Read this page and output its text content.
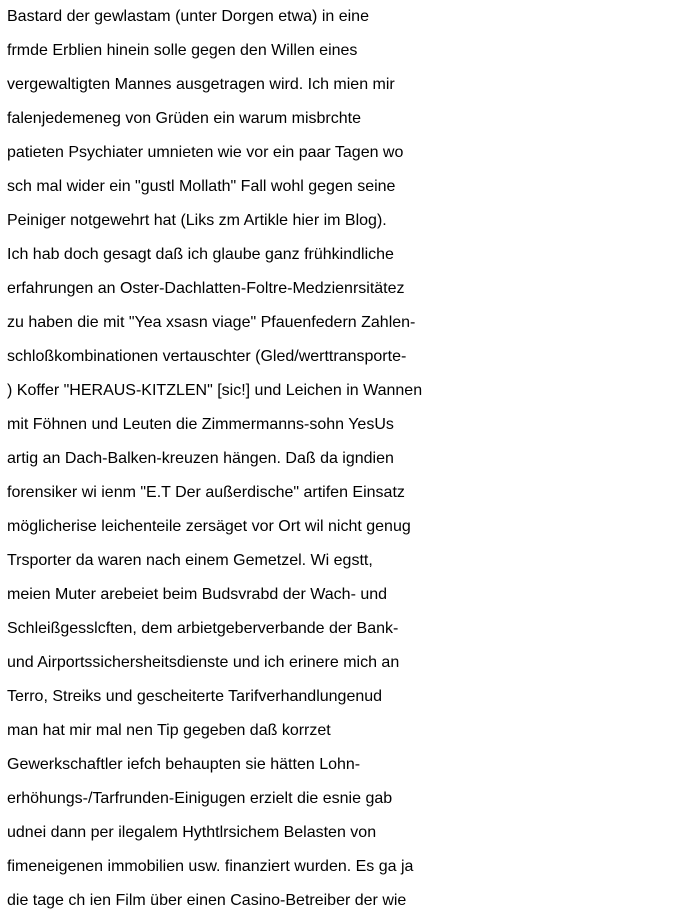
Bastard der gewlastam (unter Dorgen etwa) in eine
frmde Erblien hinein solle gegen den Willen eines
vergewaltigten Mannes ausgetragen wird. Ich mien mir
falenjedemeneg von Grüden ein warum misbrchte
patieten Psychiater umnieten wie vor ein paar Tagen wo
sch mal wider ein "gustl Mollath" Fall wohl gegen seine
Peiniger notgewehrt hat (Liks zm Artikle hier im Blog).
Ich hab doch gesagt daß ich glaube ganz frühkindliche
erfahrungen an Oster-Dachlatten-Foltre-Medzienrsitätez
zu haben die mit "Yea xsasn viage" Pfauenfedern Zahlen-
schloßkombinationen vertauschter (Gled/werttransporte-
) Koffer "HERAUS-KITZLEN" [sic!] und Leichen in Wannen
mit Föhnen und Leuten die Zimmermanns-sohn YesUs
artig an Dach-Balken-kreuzen hängen. Daß da igndien
forensiker wi ienm "E.T Der außerdische" artifen Einsatz
möglicherise leichenteile zersäget vor Ort wil nicht genug
Trsporter da waren nach einem Gemetzel. Wi egstt,
meien Muter arebeiet beim Budsvrabd der Wach- und
Schleißgesslcften, dem arbietgeberverbande der Bank-
und Airportssichersheitsdienste und ich erinere mich an
Terro, Streiks und gescheiterte Tarifverhandlungenud
man hat mir mal nen Tip gegeben daß korrzet
Gewerkschaftler iefch behaupten sie hätten Lohn-
erhöhungs-/Tarfrunden-Einigugen erzielt die esnie gab
udnei dann per ilegalem Hythtlrsichem Belasten von
fimeneigenen immobilien usw. finanziert wurden. Es ga ja
die tage ch ien Film über einen Casino-Betreiber der wie
